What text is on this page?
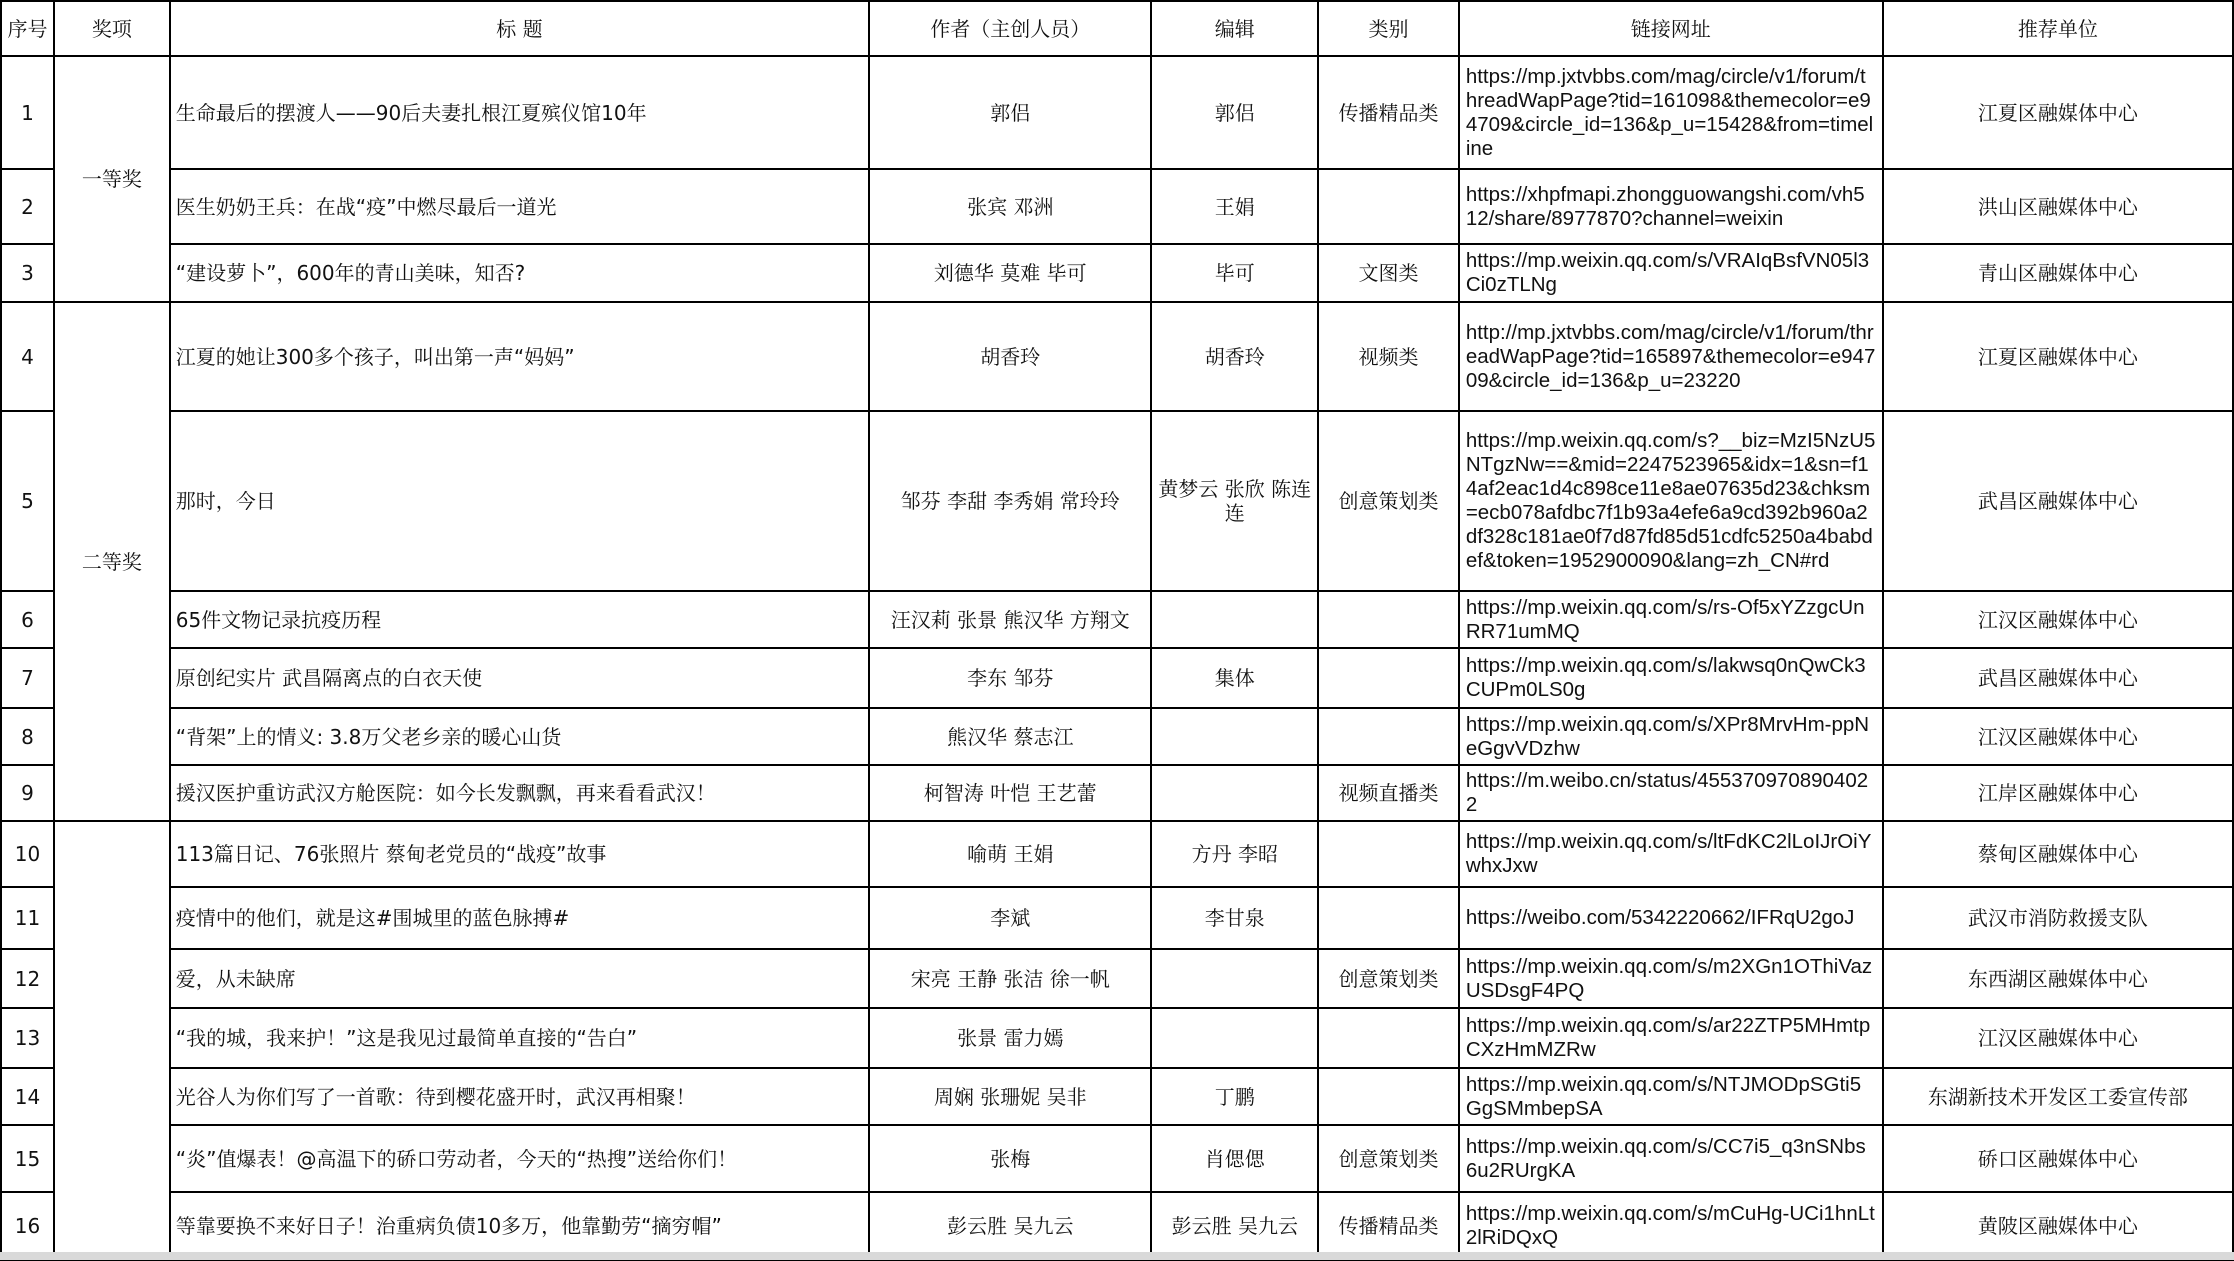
序号	奖项	标 题	作者（主创人员）	编辑	类别	链接网址	推荐单位
1	一等奖	生命最后的摆渡人——90后夫妻扎根江夏殡仪馆10年	郭侣	郭侣	传播精品类	https://mp.jxtvbbs.com/mag/circle/v1/forum/threadWapPage?tid=161098&themecolor=e94709&circle_id=136&p_u=15428&from=timeline	江夏区融媒体中心
2		医生奶奶王兵：在战“疫”中燃尽最后一道光	张宾 邓洲	王娟		https://xhpfmapi.zhongguowangshi.com/vh512/share/8977870?channel=weixin	洪山区融媒体中心
3		“建设萝卜”，600年的青山美味，知否?	刘德华 莫难 毕可	毕可	文图类	https://mp.weixin.qq.com/s/VRAIqBsfVN05l3Ci0zTLNg	青山区融媒体中心
4	二等奖	江夏的她让300多个孩子，叫出第一声“妈妈”	胡香玲	胡香玲	视频类	http://mp.jxtvbbs.com/mag/circle/v1/forum/threadWapPage?tid=165897&themecolor=e94709&circle_id=136&p_u=23220	江夏区融媒体中心
5		那时，今日	邹芬 李甜 李秀娟 常玲玲	黄梦云 张欣 陈连连	创意策划类	https://mp.weixin.qq.com/s?__biz=MzI5NzU5NTgzNw==&mid=2247523965&idx=1&sn=f14af2eac1d4c898ce11e8ae07635d23&chksm=ecb078afdbc7f1b93a4efe6a9cd392b960a2df328c181ae0f7d87fd85d51cdfc5250a4babdef&token=1952900090&lang=zh_CN#rd	武昌区融媒体中心
6		65件文物记录抗疫历程	汪汉莉 张景 熊汉华 方翔文			https://mp.weixin.qq.com/s/rs-Of5xYZzgcUnRR71umMQ	江汉区融媒体中心
7		原创纪实片 武昌隔离点的白衣天使	李东 邹芬	集体		https://mp.weixin.qq.com/s/lakwsq0nQwCk3CUPm0LS0g	武昌区融媒体中心
8		“背架”上的情义: 3.8万父老乡亲的暖心山货	熊汉华 蔡志江			https://mp.weixin.qq.com/s/XPr8MrvHm-ppNeGgvVDzhw	江汉区融媒体中心
9		援汉医护重访武汉方舱医院：如今长发飘飘，再来看看武汉！	柯智涛 叶恺 王艺蕾		视频直播类	https://m.weibo.cn/status/4553709708904022	江岸区融媒体中心
10		113篇日记、76张照片 蔡甸老党员的“战疫”故事	喻萌 王娟	方丹 李昭		https://mp.weixin.qq.com/s/ltFdKC2lLoIJrOiYwhxJxw	蔡甸区融媒体中心
11		疫情中的他们，就是这#围城里的蓝色脉搏#	李斌	李甘泉		https://weibo.com/5342220662/IFRqU2goJ	武汉市消防救援支队
12		爱，从未缺席	宋亮 王静 张洁 徐一帆		创意策划类	https://mp.weixin.qq.com/s/m2XGn1OThiVazUSDsgF4PQ	东西湖区融媒体中心
13		“我的城，我来护！”这是我见过最简单直接的“告白”	张景 雷力嫣			https://mp.weixin.qq.com/s/ar22ZTP5MHmtpCXzHmMZRw	江汉区融媒体中心
14		光谷人为你们写了一首歌：待到樱花盛开时，武汉再相聚！	周娴 张珊妮 吴非	丁鹏		https://mp.weixin.qq.com/s/NTJMODpSGti5GgSMmbepSA	东湖新技术开发区工委宣传部
15		“炎”值爆表！@高温下的硚口劳动者，今天的“热搜”送给你们！	张梅	肖偲偲	创意策划类	https://mp.weixin.qq.com/s/CC7i5_q3nSNbs6u2RUrgKA	硚口区融媒体中心
16		等靠要换不来好日子！治重病负债10多万，他靠勤劳“摘穷帽”	彭云胜 吴九云	彭云胜 吴九云	传播精品类	https://mp.weixin.qq.com/s/mCuHg-UCi1hnLt2lRiDQxQ	黄陂区融媒体中心
